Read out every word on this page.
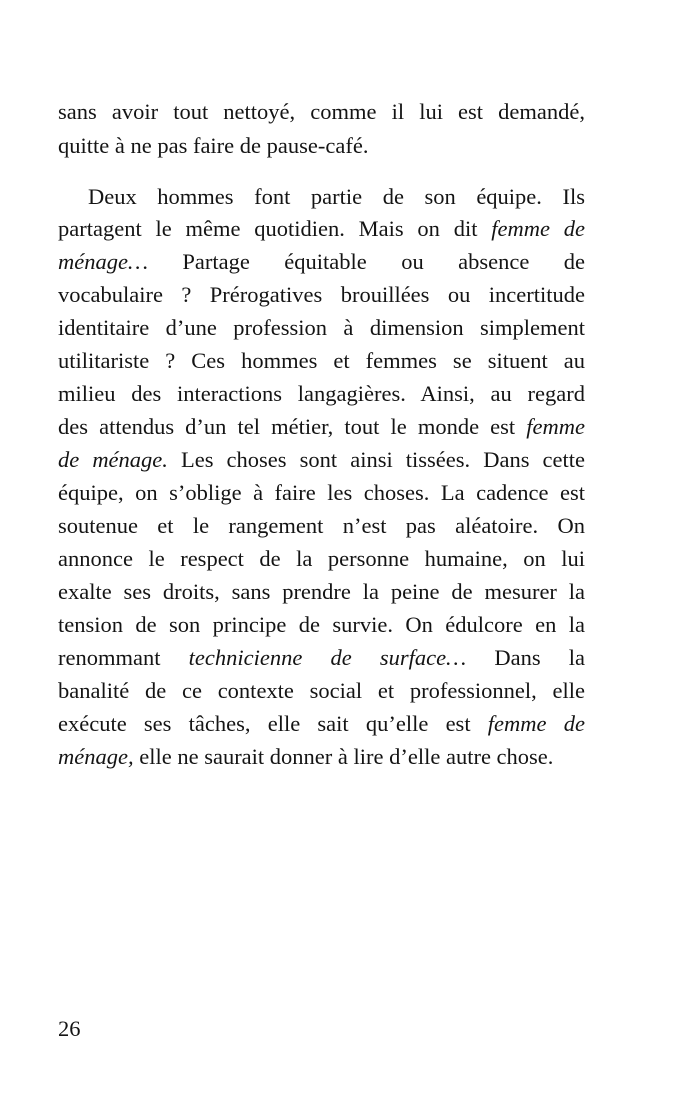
sans avoir tout nettoyé, comme il lui est demandé,
quitte à ne pas faire de pause-café.
Deux hommes font partie de son équipe. Ils
partagent le même quotidien. Mais on dit femme de
ménage… Partage équitable ou absence de
vocabulaire ? Prérogatives brouillées ou incertitude
identitaire d’une profession à dimension simplement
utilitariste ? Ces hommes et femmes se situent au
milieu des interactions langagières. Ainsi, au regard
des attendus d’un tel métier, tout le monde est femme
de ménage. Les choses sont ainsi tissées. Dans cette
équipe, on s’oblige à faire les choses. La cadence est
soutenue et le rangement n’est pas aléatoire. On
annonce le respect de la personne humaine, on lui
exalte ses droits, sans prendre la peine de mesurer la
tension de son principe de survie. On édulcore en la
renommant technicienne de surface… Dans la
banalité de ce contexte social et professionnel, elle
exécute ses tâches, elle sait qu’elle est femme de
ménage, elle ne saurait donner à lire d’elle autre chose.
26
